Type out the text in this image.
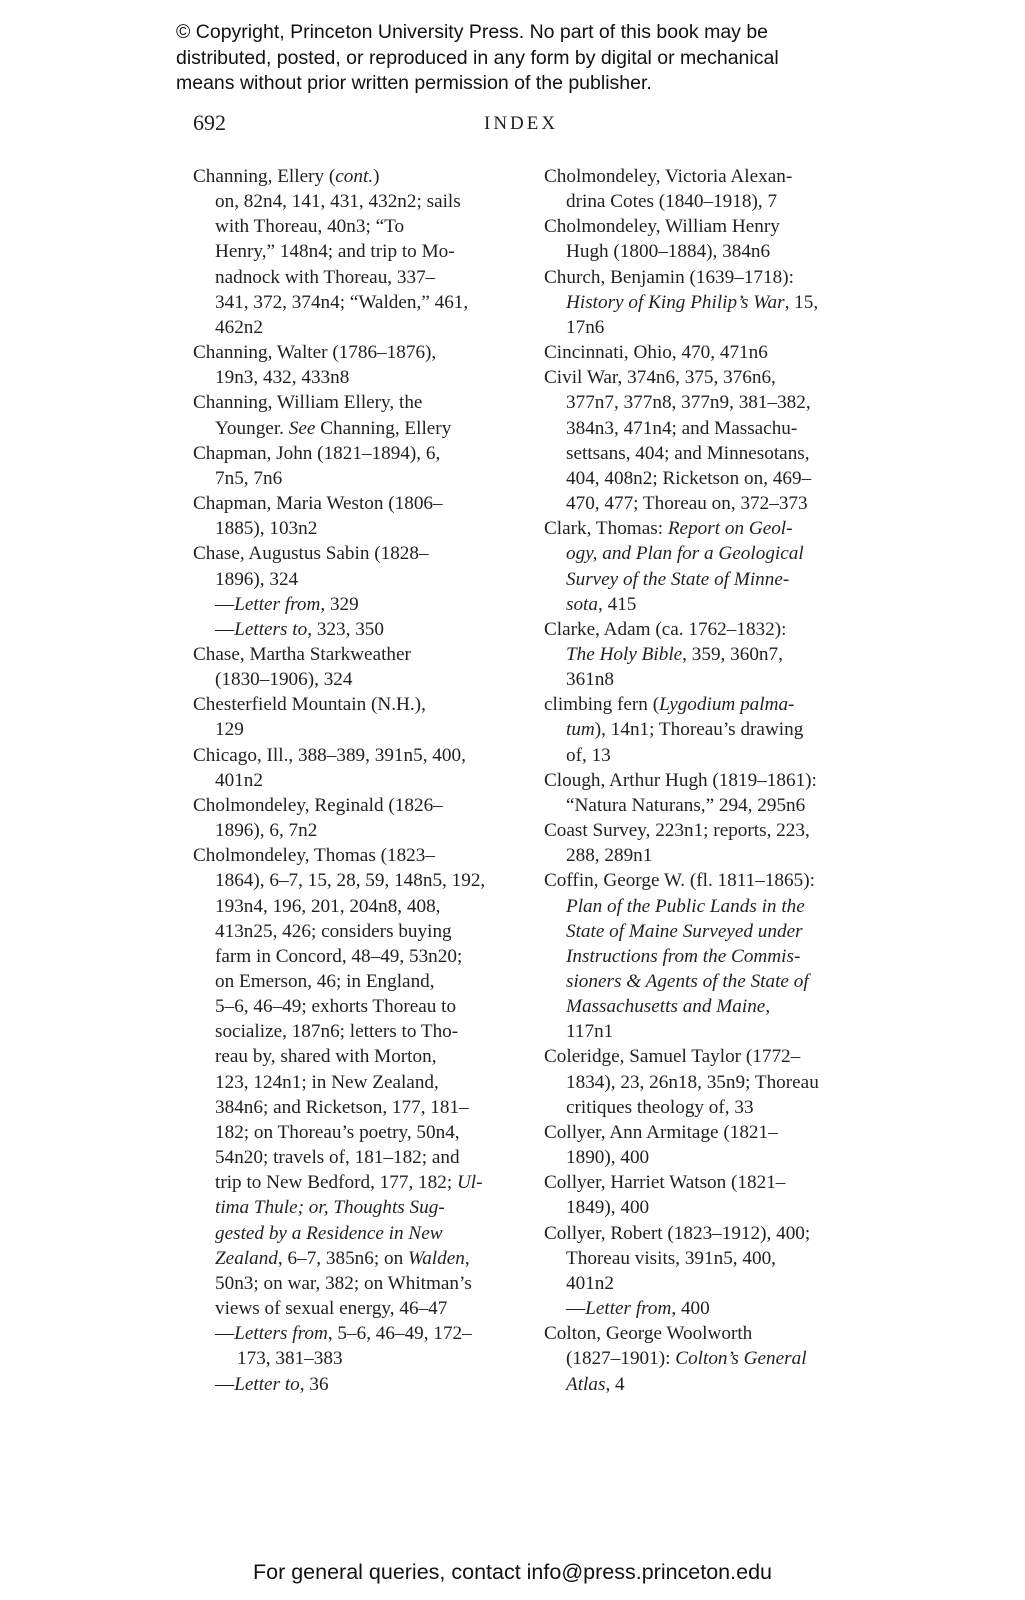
© Copyright, Princeton University Press. No part of this book may be
distributed, posted, or reproduced in any form by digital or mechanical
means without prior written permission of the publisher.
692	INDEX
Channing, Ellery (cont.)
on, 82n4, 141, 431, 432n2; sails
with Thoreau, 40n3; “To
Henry,” 148n4; and trip to Mo-
nadnock with Thoreau, 337–
341, 372, 374n4; “Walden,” 461,
462n2
Channing, Walter (1786–1876),
19n3, 432, 433n8
Channing, William Ellery, the
Younger. See Channing, Ellery
Chapman, John (1821–1894), 6,
7n5, 7n6
Chapman, Maria Weston (1806–
1885), 103n2
Chase, Augustus Sabin (1828–
1896), 324
—Letter from, 329
—Letters to, 323, 350
Chase, Martha Starkweather
(1830–1906), 324
Chesterfield Mountain (N.H.),
129
Chicago, Ill., 388–389, 391n5, 400,
401n2
Cholmondeley, Reginald (1826–
1896), 6, 7n2
Cholmondeley, Thomas (1823–
1864), 6–7, 15, 28, 59, 148n5, 192,
193n4, 196, 201, 204n8, 408,
413n25, 426; considers buying
farm in Concord, 48–49, 53n20;
on Emerson, 46; in England,
5–6, 46–49; exhorts Thoreau to
socialize, 187n6; letters to Tho-
reau by, shared with Morton,
123, 124n1; in New Zealand,
384n6; and Ricketson, 177, 181–
182; on Thoreau’s poetry, 50n4,
54n20; travels of, 181–182; and
trip to New Bedford, 177, 182; Ul-
tima Thule; or, Thoughts Sug-
gested by a Residence in New
Zealand, 6–7, 385n6; on Walden,
50n3; on war, 382; on Whitman’s
views of sexual energy, 46–47
—Letters from, 5–6, 46–49, 172–
173, 381–383
—Letter to, 36
Cholmondeley, Victoria Alexan-
drina Cotes (1840–1918), 7
Cholmondeley, William Henry
Hugh (1800–1884), 384n6
Church, Benjamin (1639–1718):
History of King Philip’s War, 15,
17n6
Cincinnati, Ohio, 470, 471n6
Civil War, 374n6, 375, 376n6,
377n7, 377n8, 377n9, 381–382,
384n3, 471n4; and Massachu-
settsans, 404; and Minnesotans,
404, 408n2; Ricketson on, 469–
470, 477; Thoreau on, 372–373
Clark, Thomas: Report on Geol-
ogy, and Plan for a Geological
Survey of the State of Minne-
sota, 415
Clarke, Adam (ca. 1762–1832):
The Holy Bible, 359, 360n7,
361n8
climbing fern (Lygodium palma-
tum), 14n1; Thoreau’s drawing
of, 13
Clough, Arthur Hugh (1819–1861):
“Natura Naturans,” 294, 295n6
Coast Survey, 223n1; reports, 223,
288, 289n1
Coffin, George W. (fl. 1811–1865):
Plan of the Public Lands in the
State of Maine Surveyed under
Instructions from the Commis-
sioners & Agents of the State of
Massachusetts and Maine,
117n1
Coleridge, Samuel Taylor (1772–
1834), 23, 26n18, 35n9; Thoreau
critiques theology of, 33
Collyer, Ann Armitage (1821–
1890), 400
Collyer, Harriet Watson (1821–
1849), 400
Collyer, Robert (1823–1912), 400;
Thoreau visits, 391n5, 400,
401n2
—Letter from, 400
Colton, George Woolworth
(1827–1901): Colton’s General
Atlas, 4
For general queries, contact info@press.princeton.edu
